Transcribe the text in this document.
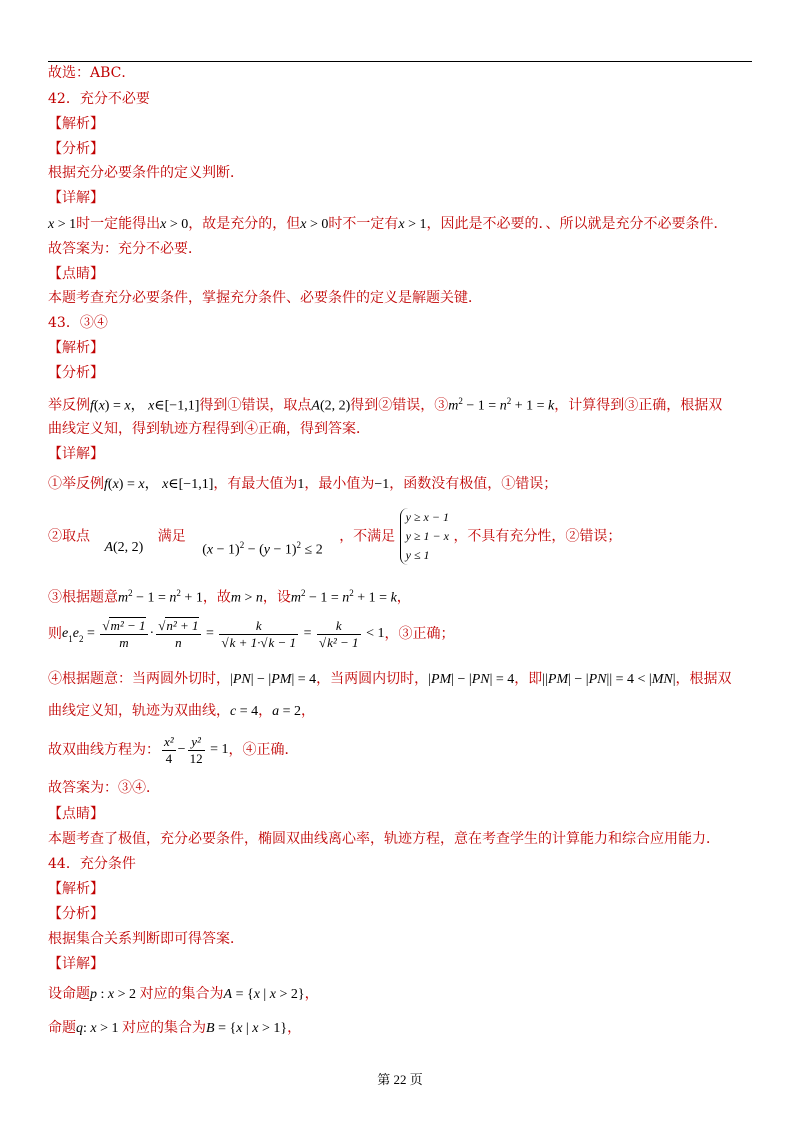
故选：ABC．
42．充分不必要
【解析】
【分析】
根据充分必要条件的定义判断．
【详解】
x > 1时一定能得出x > 0，故是充分的，但x > 0时不一定有x > 1，因此是不必要的．、所以就是充分不必要条件．
故答案为：充分不必要．
【点睛】
本题考查充分必要条件，掌握充分条件、必要条件的定义是解题关键．
43．③④
【解析】
【分析】
举反例f(x) = x， x∈[−1,1]得到①错误，取点A(2, 2)得到②错误，$③m^2 - 1 = n^2 + 1 = k$，计算得到③正确，根据双
曲线定义知，得到轨迹方程得到④正确，得到答案．
【详解】
①举反例f(x) = x， x∈[−1,1]，有最大值为1，最小值为−1，函数没有极值，①错误；
②取点 A(2, 2) 满足 $(x - 1)^2 - (y - 1)^2 \le 2$ ，不满足 y ≥ x − 1
y ≥ 1 − x
y ≤ 1 ，不具有充分性，②错误；
③根据题意$m^2 - 1 = n^2 + 1$，故m > n，设$m^2 - 1 = n^2 + 1 = k$，
则$e_1e_2 = \frac{\text{√m² − 1}}{m} \cdot \frac{\text{√n² + 1}}{n} = \frac{k}{√k + 1\cdot√k - 1} = \frac{k}{\text{√k² − 1}} < 1$，③正确；
④根据题意：当两圆外切时，|PN| − |PM| = 4，当两圆内切时，|PM| − |PN| = 4，即||PM| − |PN|| = 4 < |MN|，根据双
曲线定义知，轨迹为双曲线，c = 4，a = 2，
故双曲线方程为： $\frac{\text{x²}}{4} - \frac{\text{y²}}{12} = 1$，④正确．
故答案为：③④．
【点睛】
本题考查了极值，充分必要条件，椭圆双曲线离心率，轨迹方程，意在考查学生的计算能力和综合应用能力．
44．充分条件
【解析】
【分析】
根据集合关系判断即可得答案．
【详解】
设命题p : x > 2 对应的集合为A = {x | x > 2}，
命题q: x > 1 对应的集合为B = {x | x > 1}，
第 22 页
